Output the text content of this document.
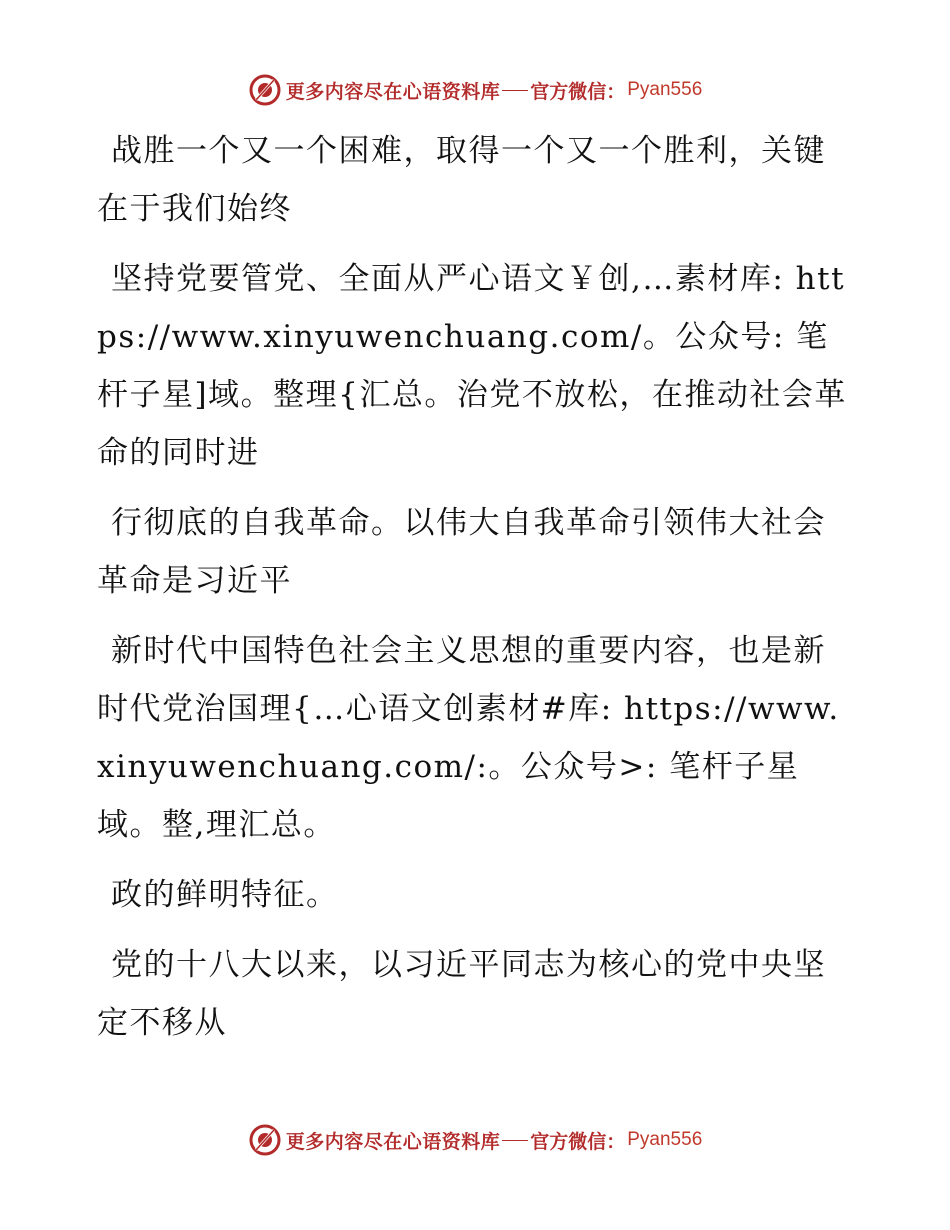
更多内容尽在心语资料库 官方微信： Pyan556

战胜一个又一个困难，取得一个又一个胜利，关键在于我们始终

坚持党要管党、全面从严心语文￥创,…素材库: https://www.xinyuwenchuang.com/。公众号: 笔杆子星]域。整理{汇总。治党不放松，在推动社会革命的同时进

行彻底的自我革命。以伟大自我革命引领伟大社会革命是习近平

新时代中国特色社会主义思想的重要内容，也是新时代党治国理{…心语文创素材#库: https://www.xinyuwenchuang.com/:。公众号>: 笔杆子星域。整,理汇总。

政的鲜明特征。

党的十八大以来，以习近平同志为核心的党中央坚定不移从

更多内容尽在心语资料库 官方微信： Pyan556
